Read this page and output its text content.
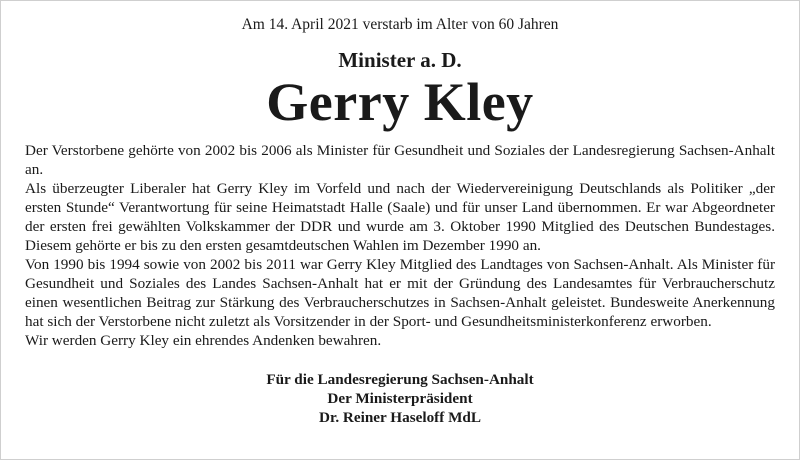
Am 14. April 2021 verstarb im Alter von 60 Jahren

Minister a. D.

Gerry Kley

Der Verstorbene gehörte von 2002 bis 2006 als Minister für Gesundheit und Soziales der Landesregierung Sachsen-Anhalt an.

Als überzeugter Liberaler hat Gerry Kley im Vorfeld und nach der Wiedervereinigung Deutschlands als Politiker „der ersten Stunde“ Verantwortung für seine Heimatstadt Halle (Saale) und für unser Land übernommen. Er war Abgeordneter der ersten frei gewählten Volkskammer der DDR und wurde am 3. Oktober 1990 Mitglied des Deutschen Bundestages. Diesem gehörte er bis zu den ersten gesamtdeutschen Wahlen im Dezember 1990 an.

Von 1990 bis 1994 sowie von 2002 bis 2011 war Gerry Kley Mitglied des Landtages von Sachsen-Anhalt. Als Minister für Gesundheit und Soziales des Landes Sachsen-Anhalt hat er mit der Gründung des Landesamtes für Verbraucherschutz einen wesentlichen Beitrag zur Stärkung des Verbraucherschutzes in Sachsen-Anhalt geleistet. Bundesweite Anerkennung hat sich der Verstorbene nicht zuletzt als Vorsitzender in der Sport- und Gesundheitsministerkonferenz erworben.

Wir werden Gerry Kley ein ehrendes Andenken bewahren.

Für die Landesregierung Sachsen-Anhalt
Der Ministerpräsident
Dr. Reiner Haseloff MdL
